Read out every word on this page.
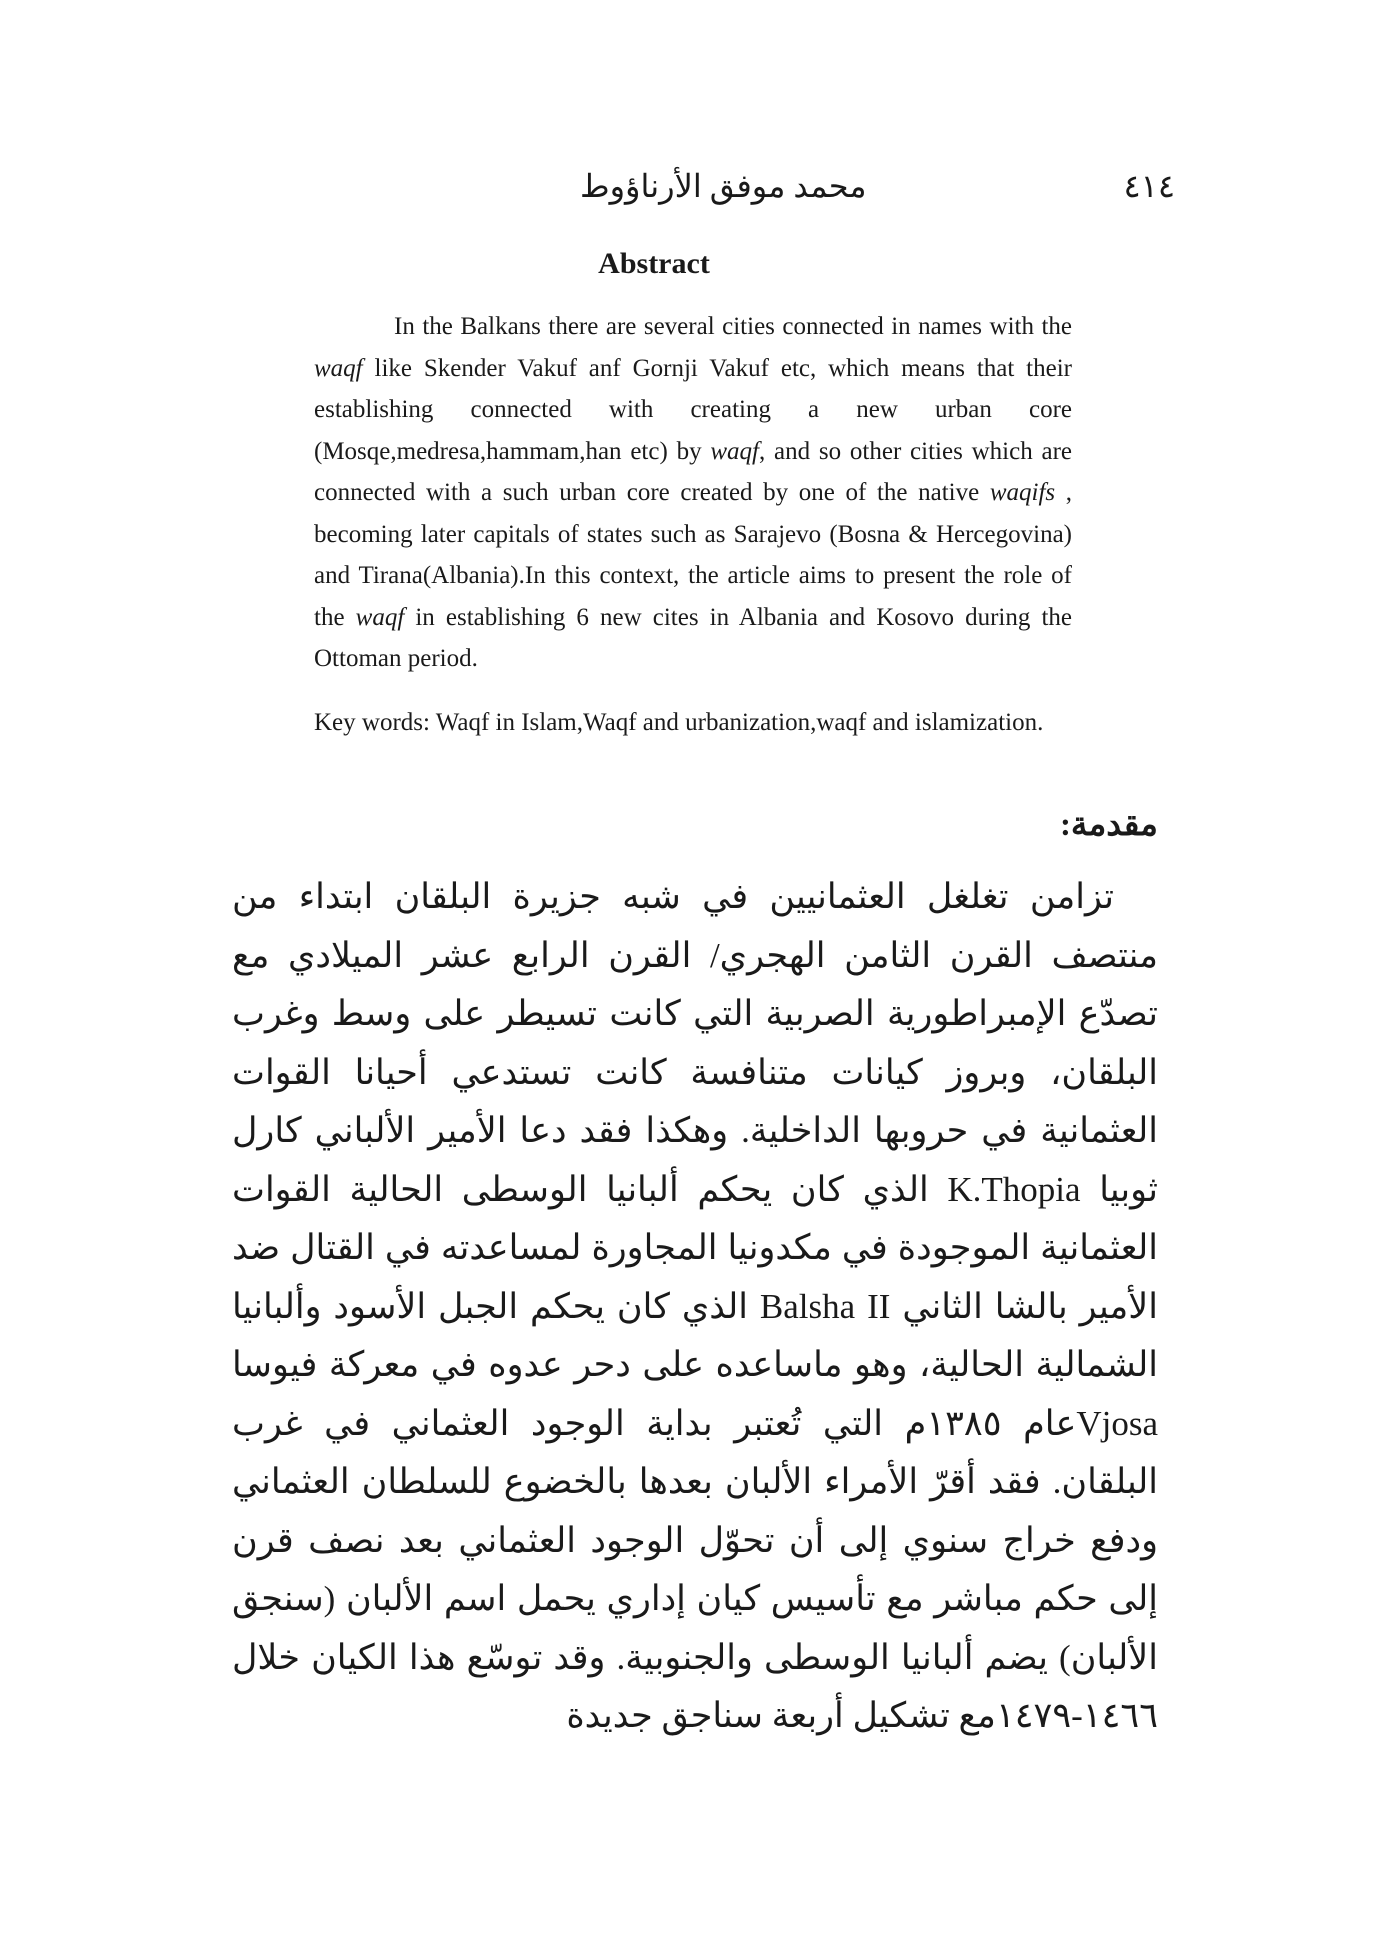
٤١٤
محمد موفق الأرناؤوط
Abstract

In the Balkans there are several cities connected in names with the waqf like Skender Vakuf anf Gornji Vakuf etc, which means that their establishing connected with creating a new urban core (Mosqe,medresa,hammam,han etc) by waqf, and so other cities which are connected with a such urban core created by one of the native waqifs , becoming later capitals of states such as Sarajevo (Bosna & Hercegovina) and Tirana(Albania).In this context, the article aims to present the role of the waqf in establishing 6 new cites in Albania and Kosovo during the Ottoman period.

Key words: Waqf in Islam,Waqf and urbanization,waqf and islamization.

مقدمة:

تزامن تغلغل العثمانيين في شبه جزيرة البلقان ابتداء من منتصف القرن الثامن الهجري/ القرن الرابع عشر الميلادي مع تصدّع الإمبراطورية الصربية التي كانت تسيطر على وسط وغرب البلقان، وبروز كيانات متنافسة كانت تستدعي أحيانا القوات العثمانية في حروبها الداخلية. وهكذا فقد دعا الأمير الألباني كارل ثوبيا K.Thopia الذي كان يحكم ألبانيا الوسطى الحالية القوات العثمانية الموجودة في مكدونيا المجاورة لمساعدته في القتال ضد الأمير بالشا الثاني Balsha II الذي كان يحكم الجبل الأسود وألبانيا الشمالية الحالية، وهو ماساعده على دحر عدوه في معركة فيوسا Vjosaعام ١٣٨٥م التي تُعتبر بداية الوجود العثماني في غرب البلقان. فقد أقرّ الأمراء الألبان بعدها بالخضوع للسلطان العثماني ودفع خراج سنوي إلى أن تحوّل الوجود العثماني بعد نصف قرن إلى حكم مباشر مع تأسيس كيان إداري يحمل اسم الألبان (سنجق الألبان) يضم ألبانيا الوسطى والجنوبية. وقد توسّع هذا الكيان خلال ١٤٦٦-١٤٧٩مع تشكيل أربعة سناجق جديدة
